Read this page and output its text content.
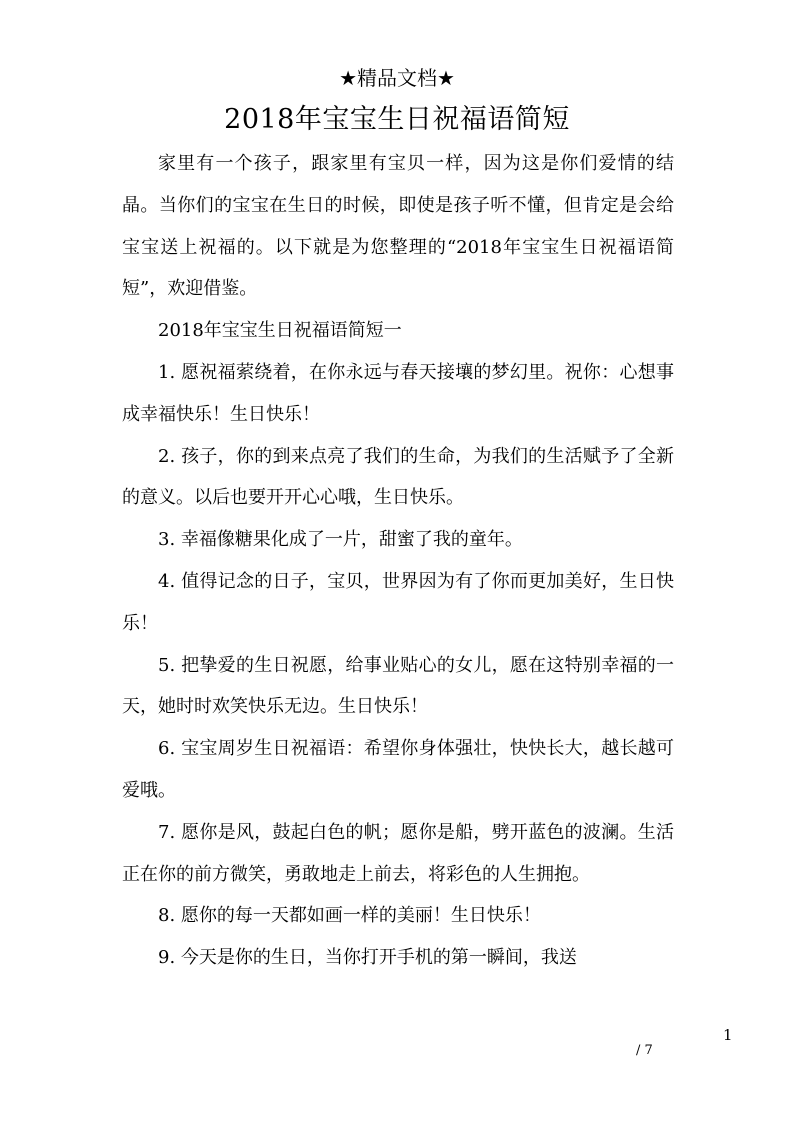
★精品文档★
2018年宝宝生日祝福语简短

家里有一个孩子，跟家里有宝贝一样，因为这是你们爱情的结晶。当你们的宝宝在生日的时候，即使是孩子听不懂，但肯定是会给宝宝送上祝福的。以下就是为您整理的“2018年宝宝生日祝福语简短”，欢迎借鉴。

2018年宝宝生日祝福语简短一

1. 愿祝福萦绕着，在你永远与春天接壤的梦幻里。祝你：心想事成幸福快乐！生日快乐！

2. 孩子，你的到来点亮了我们的生命，为我们的生活赋予了全新的意义。以后也要开开心心哦，生日快乐。

3. 幸福像糖果化成了一片，甜蜜了我的童年。

4. 值得记念的日子，宝贝，世界因为有了你而更加美好，生日快乐！

5. 把挚爱的生日祝愿，给事业贴心的女儿，愿在这特别幸福的一天，她时时欢笑快乐无边。生日快乐！

6. 宝宝周岁生日祝福语：希望你身体强壮，快快长大，越长越可爱哦。

7. 愿你是风，鼓起白色的帆；愿你是船，劈开蓝色的波澜。生活正在你的前方微笑，勇敢地走上前去，将彩色的人生拥抱。

8. 愿你的每一天都如画一样的美丽！生日快乐！

9. 今天是你的生日，当你打开手机的第一瞬间，我送

1
/ 7
